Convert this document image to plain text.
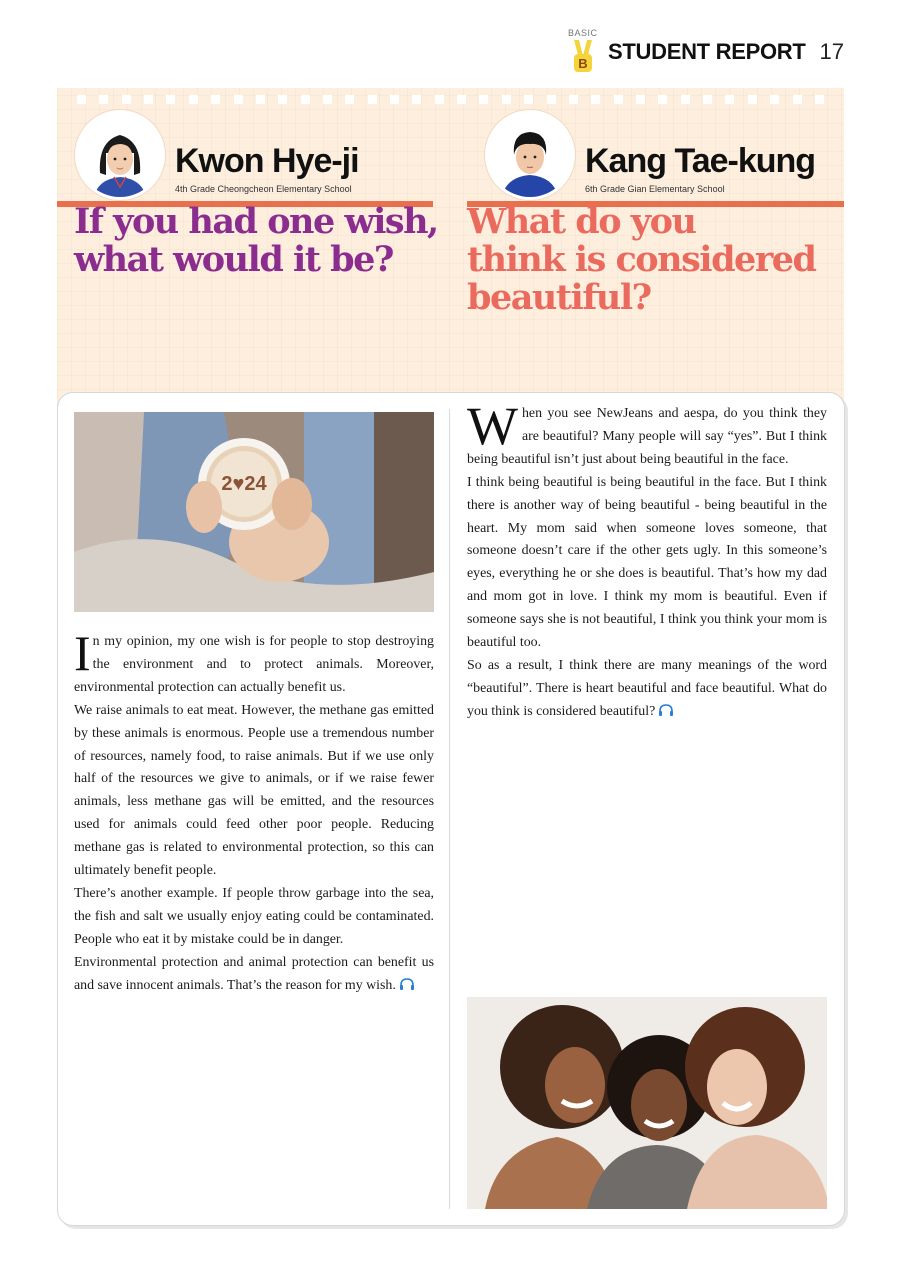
BASIC
B STUDENT REPORT 17
Kwon Hye-ji
4th Grade Cheongcheon Elementary School
Kang Tae-kung
6th Grade Gian Elementary School
If you had one wish,
what would it be?
What do you
think is considered
beautiful?
2♥24

In my opinion, my one wish is for people to stop destroying the environment and to protect animals. Moreover, environmental protection can actually benefit us.

We raise animals to eat meat. However, the methane gas emitted by these animals is enormous. People use a tremendous number of resources, namely food, to raise animals. But if we use only half of the resources we give to animals, or if we raise fewer animals, less methane gas will be emitted, and the resources used for animals could feed other poor people. Reducing methane gas is related to environmental protection, so this can ultimately benefit people.

There’s another example. If people throw garbage into the sea, the fish and salt we usually enjoy eating could be contaminated. People who eat it by mistake could be in danger.

Environmental protection and animal protection can benefit us and save innocent animals. That’s the reason for my wish.

When you see NewJeans and aespa, do you think they are beautiful? Many people will say “yes”. But I think being beautiful isn’t just about being beautiful in the face.

I think being beautiful is being beautiful in the face. But I think there is another way of being beautiful - being beautiful in the heart. My mom said when someone loves someone, that someone doesn’t care if the other gets ugly. In this someone’s eyes, everything he or she does is beautiful. That’s how my dad and mom got in love. I think my mom is beautiful. Even if someone says she is not beautiful, I think you think your mom is beautiful too.

So as a result, I think there are many meanings of the word “beautiful”. There is heart beautiful and face beautiful. What do you think is considered beautiful?
